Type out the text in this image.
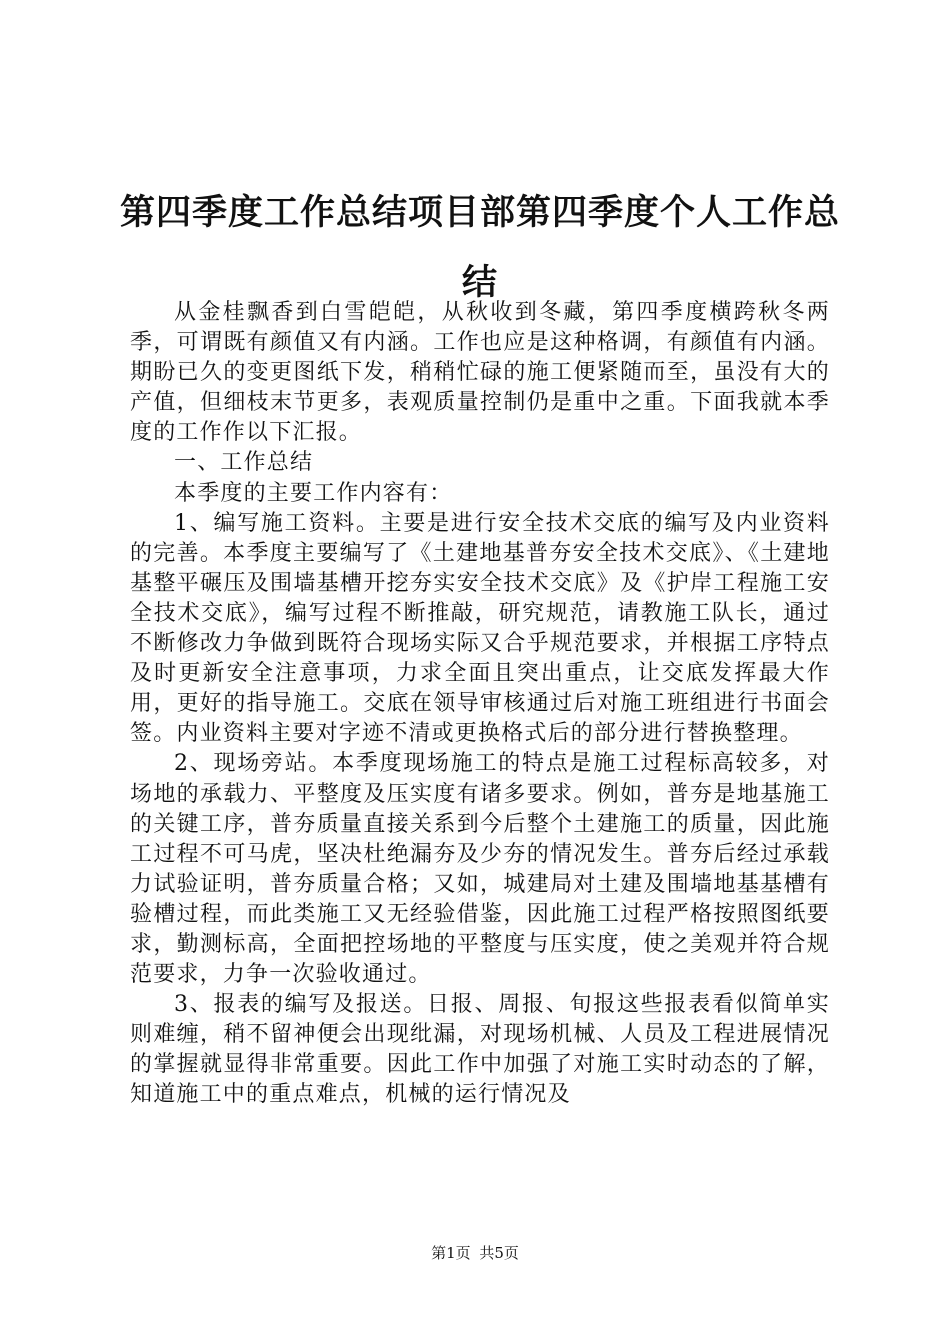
第四季度工作总结项目部第四季度个人工作总结

从金桂飘香到白雪皑皑，从秋收到冬藏，第四季度横跨秋冬两季，可谓既有颜值又有内涵。工作也应是这种格调，有颜值有内涵。期盼已久的变更图纸下发，稍稍忙碌的施工便紧随而至，虽没有大的产值，但细枝末节更多，表观质量控制仍是重中之重。下面我就本季度的工作作以下汇报。

一、工作总结

本季度的主要工作内容有：

1、编写施工资料。主要是进行安全技术交底的编写及内业资料的完善。本季度主要编写了《土建地基普夯安全技术交底》、《土建地基整平碾压及围墙基槽开挖夯实安全技术交底》及《护岸工程施工安全技术交底》，编写过程不断推敲，研究规范，请教施工队长，通过不断修改力争做到既符合现场实际又合乎规范要求，并根据工序特点及时更新安全注意事项，力求全面且突出重点，让交底发挥最大作用，更好的指导施工。交底在领导审核通过后对施工班组进行书面会签。内业资料主要对字迹不清或更换格式后的部分进行替换整理。

2、现场旁站。本季度现场施工的特点是施工过程标高较多，对场地的承载力、平整度及压实度有诸多要求。例如，普夯是地基施工的关键工序，普夯质量直接关系到今后整个土建施工的质量，因此施工过程不可马虎，坚决杜绝漏夯及少夯的情况发生。普夯后经过承载力试验证明，普夯质量合格；又如，城建局对土建及围墙地基基槽有验槽过程，而此类施工又无经验借鉴，因此施工过程严格按照图纸要求，勤测标高，全面把控场地的平整度与压实度，使之美观并符合规范要求，力争一次验收通过。

3、报表的编写及报送。日报、周报、旬报这些报表看似简单实则难缠，稍不留神便会出现纰漏，对现场机械、人员及工程进展情况的掌握就显得非常重要。因此工作中加强了对施工实时动态的了解，知道施工中的重点难点，机械的运行情况及

第1页 共5页
